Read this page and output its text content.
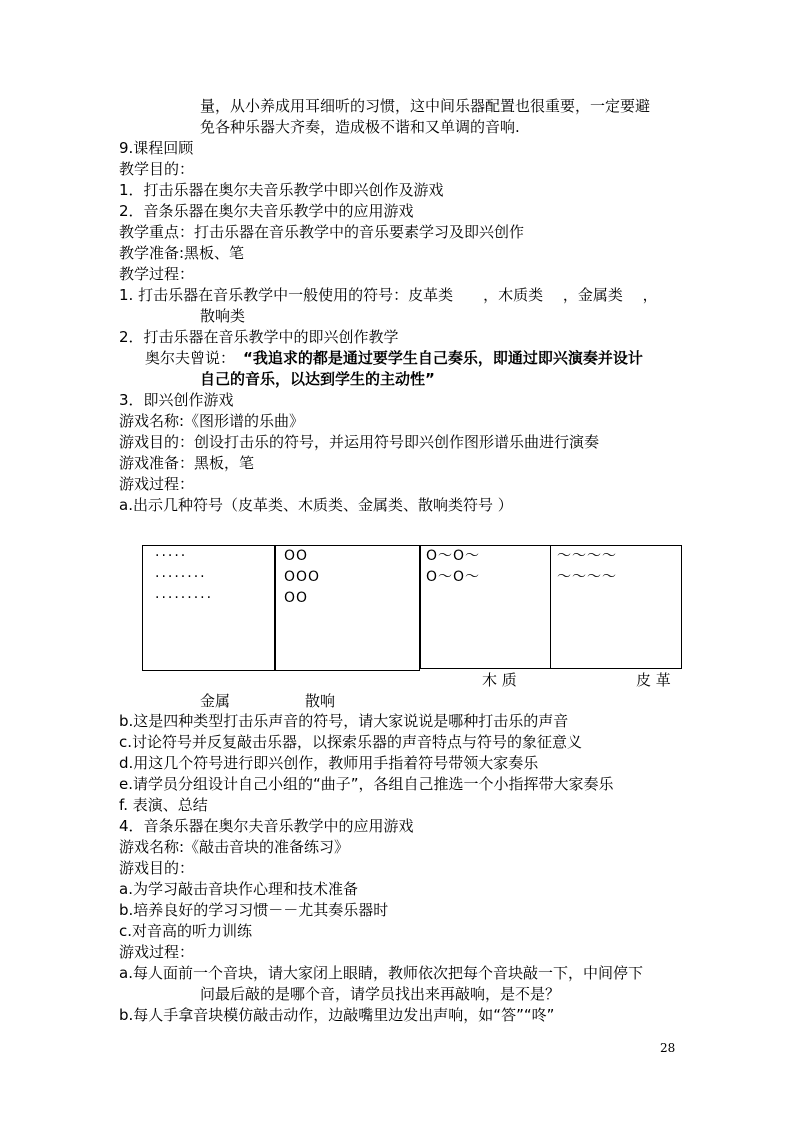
量，从小养成用耳细听的习惯，这中间乐器配置也很重要，一定要避
免各种乐器大齐奏，造成极不谐和又单调的音响.
9.课程回顾
教学目的：
1．打击乐器在奥尔夫音乐教学中即兴创作及游戏
2．音条乐器在奥尔夫音乐教学中的应用游戏
教学重点：打击乐器在音乐教学中的音乐要素学习及即兴创作
教学准备:黑板、笔
教学过程：
1. 打击乐器在音乐教学中一般使用的符号：皮革类　　，木质类　 ，金属类　 ，
散响类
2．打击乐器在音乐教学中的即兴创作教学
奥尔夫曾说： “我追求的都是通过要学生自己奏乐，即通过即兴演奏并设计
自己的音乐，以达到学生的主动性”
3．即兴创作游戏
游戏名称:《图形谱的乐曲》
游戏目的：创设打击乐的符号，并运用符号即兴创作图形谱乐曲进行演奏
游戏准备：黑板，笔
游戏过程：
a.出示几种符号（皮革类、木质类、金属类、散响类符号 ）
·····
········
·········
OO
OOO
OO
O～O～
O～O～
～～～～
～～～～
木 质	皮 革
金属	散响
b.这是四种类型打击乐声音的符号，请大家说说是哪种打击乐的声音
c.讨论符号并反复敲击乐器，以探索乐器的声音特点与符号的象征意义
d.用这几个符号进行即兴创作，教师用手指着符号带领大家奏乐
e.请学员分组设计自己小组的“曲子”，各组自己推选一个小指挥带大家奏乐
f. 表演、总结
4．音条乐器在奥尔夫音乐教学中的应用游戏
游戏名称:《敲击音块的准备练习》
游戏目的：
a.为学习敲击音块作心理和技术准备
b.培养良好的学习习惯－－尤其奏乐器时
c.对音高的听力训练
游戏过程：
a.每人面前一个音块，请大家闭上眼睛，教师依次把每个音块敲一下，中间停下
问最后敲的是哪个音，请学员找出来再敲响，是不是？
b.每人手拿音块模仿敲击动作，边敲嘴里边发出声响，如“答”“咚”
28
